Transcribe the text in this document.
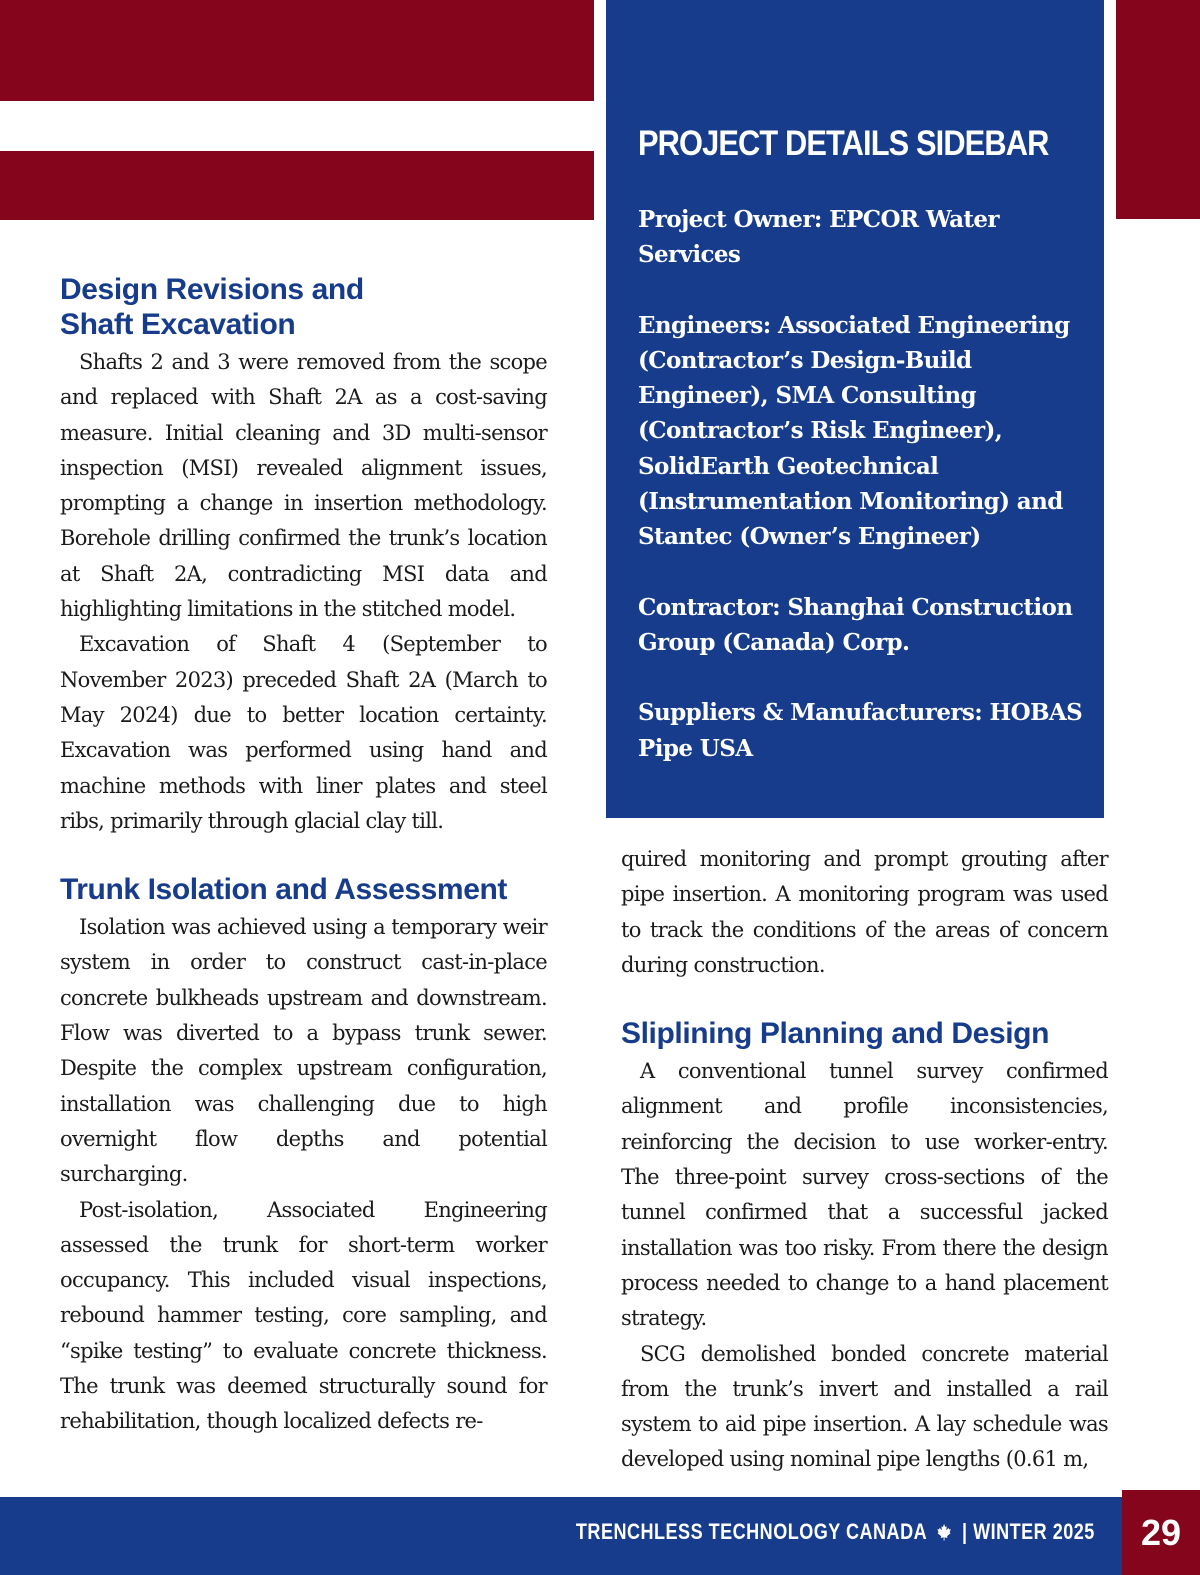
PROJECT DETAILS SIDEBAR

Project Owner: EPCOR Water Services

Engineers: Associated Engineering (Contractor’s Design-Build Engineer), SMA Consulting (Contractor’s Risk Engineer), SolidEarth Geotechnical (Instrumentation Monitoring) and Stantec (Owner’s Engineer)

Contractor: Shanghai Construction Group (Canada) Corp.

Suppliers & Manufacturers: HOBAS Pipe USA

Design Revisions and Shaft Excavation

Shafts 2 and 3 were removed from the scope and replaced with Shaft 2A as a cost-saving measure. Initial cleaning and 3D multi-sensor inspection (MSI) revealed alignment issues, prompting a change in insertion methodology. Borehole drilling confirmed the trunk’s location at Shaft 2A, contradicting MSI data and highlighting limitations in the stitched model.

Excavation of Shaft 4 (September to November 2023) preceded Shaft 2A (March to May 2024) due to better location certainty. Excavation was performed using hand and machine methods with liner plates and steel ribs, primarily through glacial clay till.

Trunk Isolation and Assessment

Isolation was achieved using a temporary weir system in order to construct cast-in-place concrete bulkheads upstream and downstream. Flow was diverted to a bypass trunk sewer. Despite the complex upstream configuration, installation was challenging due to high overnight flow depths and potential surcharging.

Post-isolation, Associated Engineering assessed the trunk for short-term worker occupancy. This included visual inspections, rebound hammer testing, core sampling, and “spike testing” to evaluate concrete thickness. The trunk was deemed structurally sound for rehabilitation, though localized defects re-

quired monitoring and prompt grouting after pipe insertion. A monitoring program was used to track the conditions of the areas of concern during construction.

Sliplining Planning and Design

A conventional tunnel survey confirmed alignment and profile inconsistencies, reinforcing the decision to use worker-entry. The three-point survey cross-sections of the tunnel confirmed that a successful jacked installation was too risky. From there the design process needed to change to a hand placement strategy.

SCG demolished bonded concrete material from the trunk’s invert and installed a rail system to aid pipe insertion. A lay schedule was developed using nominal pipe lengths (0.61 m,

TRENCHLESS TECHNOLOGY CANADA | WINTER 2025 29
